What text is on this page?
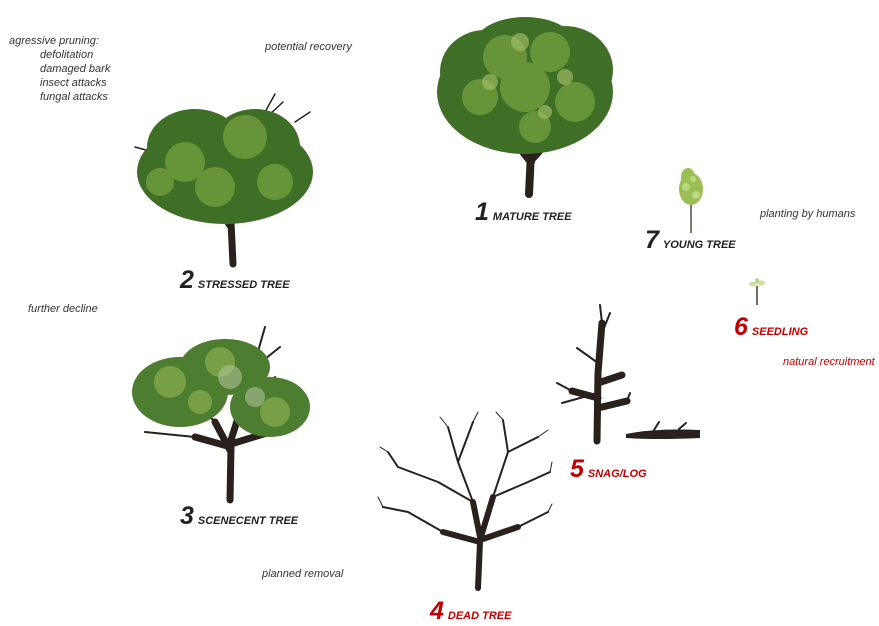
agressive pruning:
defolitation
damaged bark
insect attacks
fungal attacks
potential recovery
planting by humans
further decline
natural recruitment
planned removal
1 MATURE TREE
2 STRESSED TREE
3 SCENECENT TREE
4 DEAD TREE
5 SNAG/LOG
6 SEEDLING
7 YOUNG TREE
